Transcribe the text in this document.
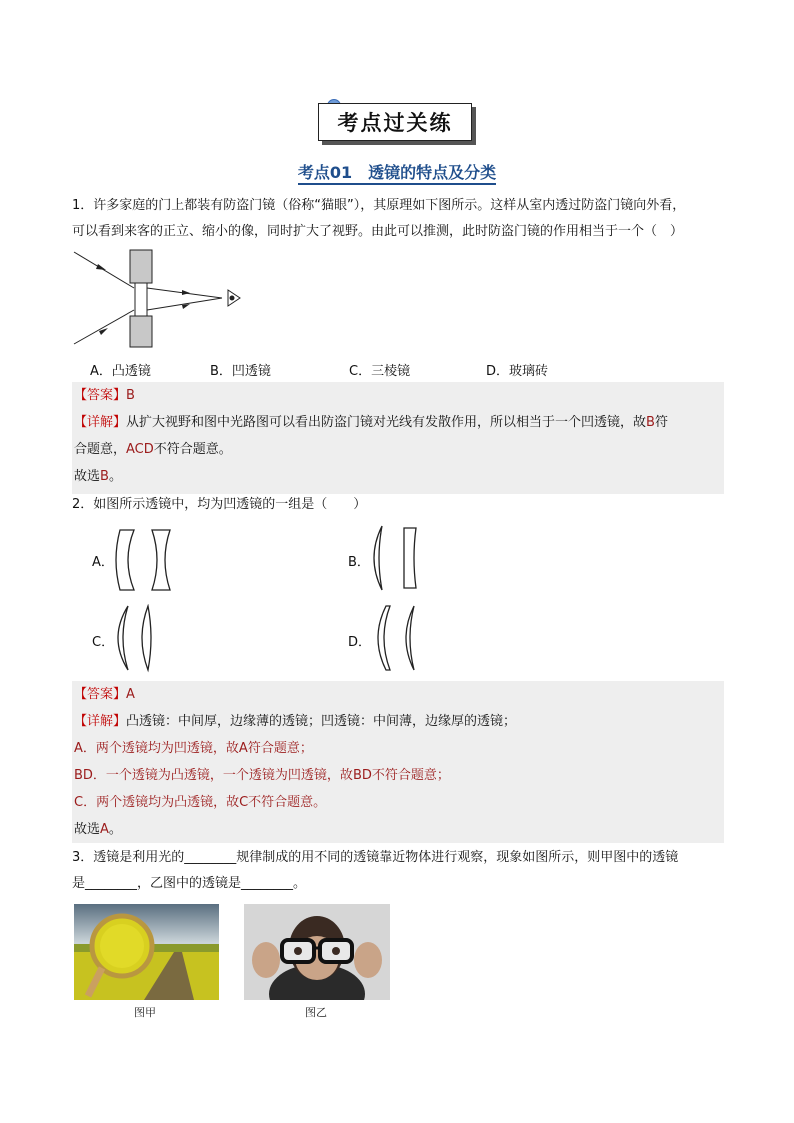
考点过关练
考点01　透镜的特点及分类
1．许多家庭的门上都装有防盗门镜（俗称“猫眼”），其原理如下图所示。这样从室内透过防盗门镜向外看，
可以看到来客的正立、缩小的像，同时扩大了视野。由此可以推测，此时防盗门镜的作用相当于一个（　）
A．凸透镜	B．凹透镜	C．三棱镜	D．玻璃砖
【答案】B
【详解】从扩大视野和图中光路图可以看出防盗门镜对光线有发散作用，所以相当于一个凹透镜，故B符
合题意，ACD不符合题意。
故选B。
2．如图所示透镜中，均为凹透镜的一组是（　　）
A．	B．
C．	D．
【答案】A
【详解】凸透镜：中间厚，边缘薄的透镜；凹透镜：中间薄，边缘厚的透镜；
A．两个透镜均为凹透镜，故A符合题意；
BD．一个透镜为凸透镜，一个透镜为凹透镜，故BD不符合题意；
C．两个透镜均为凸透镜，故C不符合题意。
故选A。
3．透镜是利用光的________规律制成的用不同的透镜靠近物体进行观察，现象如图所示，则甲图中的透镜
是________，乙图中的透镜是________。
图甲	图乙
